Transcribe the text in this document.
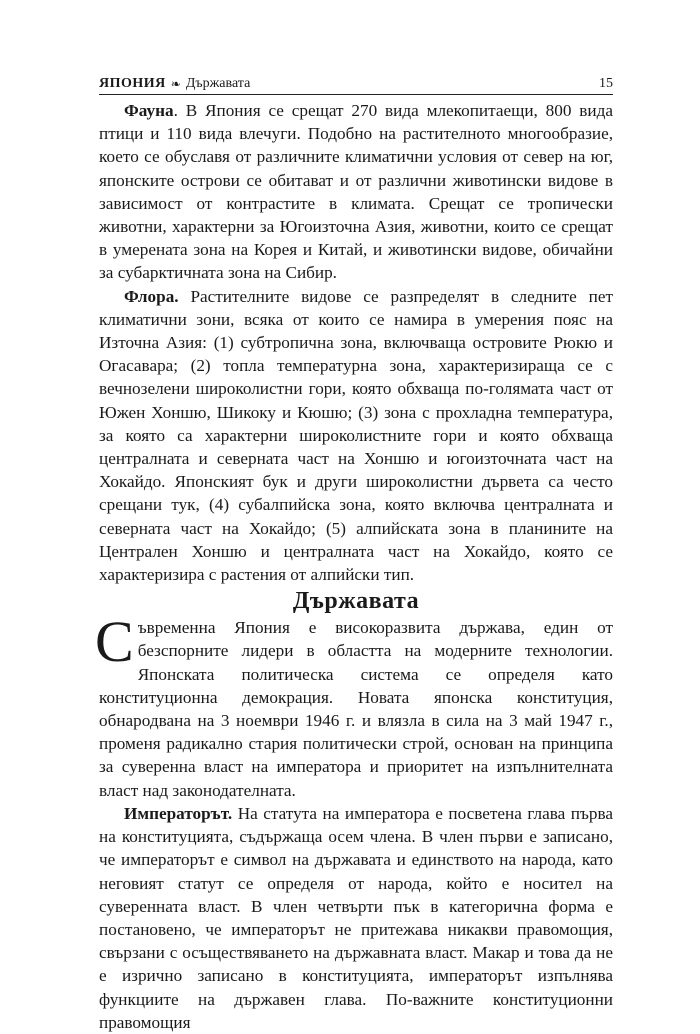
ЯПОНИЯ ❧ Държавата	15

Фауна. В Япония се срещат 270 вида млекопитаещи, 800 вида птици и 110 вида влечуги. Подобно на растителното многообразие, което се обуславя от различните климатични условия от север на юг, японските острови се обитават и от различни животински видове в зависимост от контрастите в климата. Срещат се тропически животни, характерни за Югоизточна Азия, животни, които се срещат в умерената зона на Корея и Китай, и животински видове, обичайни за субарктичната зона на Сибир.

Флора. Растителните видове се разпределят в следните пет климатични зони, всяка от които се намира в умерения пояс на Източна Азия: (1) субтропична зона, включваща островите Рюкю и Огасавара; (2) топла температурна зона, характеризираща се с вечнозелени широколистни гори, която обхваща по-голямата част от Южен Хоншю, Шикоку и Кюшю; (3) зона с прохладна температура, за която са характерни широколистните гори и която обхваща централната и северната част на Хоншю и югоизточната част на Хокайдо. Японският бук и други широколистни дървета са често срещани тук, (4) субалпийска зона, която включва централната и северната част на Хокайдо; (5) алпийската зона в планините на Централен Хоншю и централната част на Хокайдо, която се характеризира с растения от алпийски тип.

Държавата

Съвременна Япония е високоразвита държава, един от безспорните лидери в областта на модерните технологии. Японската политическа система се определя като конституционна демокрация. Новата японска конституция, обнародвана на 3 ноември 1946 г. и влязла в сила на 3 май 1947 г., променя радикално стария политически строй, основан на принципа за суверенна власт на императора и приоритет на изпълнителната власт над законодателната.

Императорът. На статута на императора е посветена глава първа на конституцията, съдържаща осем члена. В член първи е записано, че императорът е символ на държавата и единството на народа, като неговият статут се определя от народа, който е носител на суверенната власт. В член четвърти пък в категорична форма е постановено, че императорът не притежава никакви правомощия, свързани с осъществяването на държавната власт. Макар и това да не е изрично записано в конституцията, императорът изпълнява функциите на държавен глава. По-важните конституционни правомощия
